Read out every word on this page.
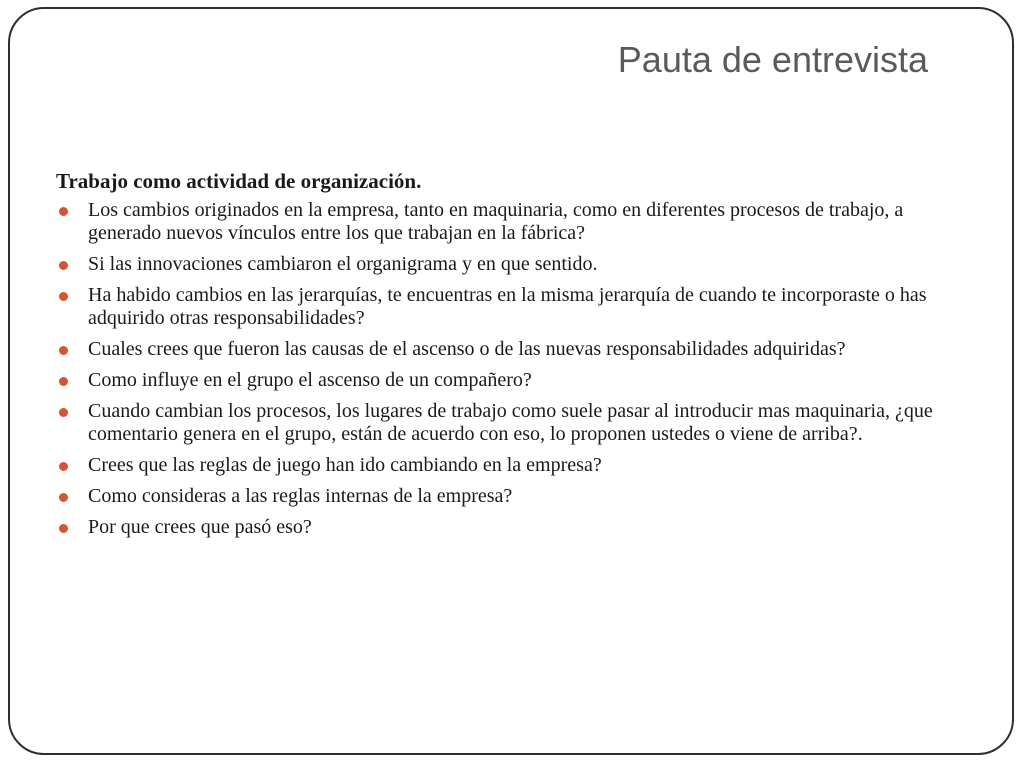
Pauta de entrevista

Trabajo como actividad de organización.

Los cambios originados en la empresa, tanto en maquinaria, como en diferentes procesos de trabajo, a generado nuevos vínculos entre los que trabajan en la fábrica?
Si las innovaciones cambiaron el organigrama y en que sentido.
Ha habido cambios en las jerarquías, te encuentras en la misma jerarquía de cuando te incorporaste o has adquirido otras responsabilidades?
Cuales crees que fueron las causas de el ascenso o de las nuevas responsabilidades adquiridas?
Como influye en el grupo el ascenso de un compañero?
Cuando cambian los procesos, los lugares de trabajo como suele pasar al introducir mas maquinaria, ¿que comentario genera en el grupo, están de acuerdo con eso, lo proponen ustedes o viene de arriba?.
Crees que las reglas de juego han ido cambiando en la empresa?
Como consideras a las reglas internas de la empresa?
Por que crees que pasó eso?
